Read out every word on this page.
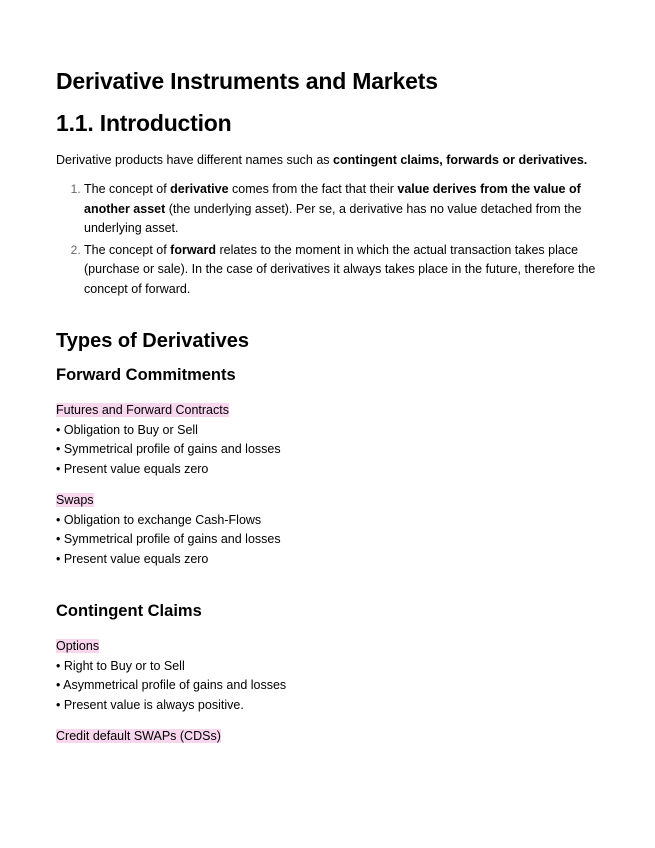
Derivative Instruments and Markets
1.1. Introduction

Derivative products have different names such as contingent claims, forwards or derivatives.

1. The concept of derivative comes from the fact that their value derives from the value of another asset (the underlying asset). Per se, a derivative has no value detached from the underlying asset.
2. The concept of forward relates to the moment in which the actual transaction takes place (purchase or sale). In the case of derivatives it always takes place in the future, therefore the concept of forward.
Types of Derivatives
Forward Commitments
Futures and Forward Contracts
• Obligation to Buy or Sell
• Symmetrical profile of gains and losses
• Present value equals zero
Swaps
• Obligation to exchange Cash-Flows
• Symmetrical profile of gains and losses
• Present value equals zero
Contingent Claims
Options
• Right to Buy or to Sell
• Asymmetrical profile of gains and losses
• Present value is always positive.
Credit default SWAPs (CDSs)
